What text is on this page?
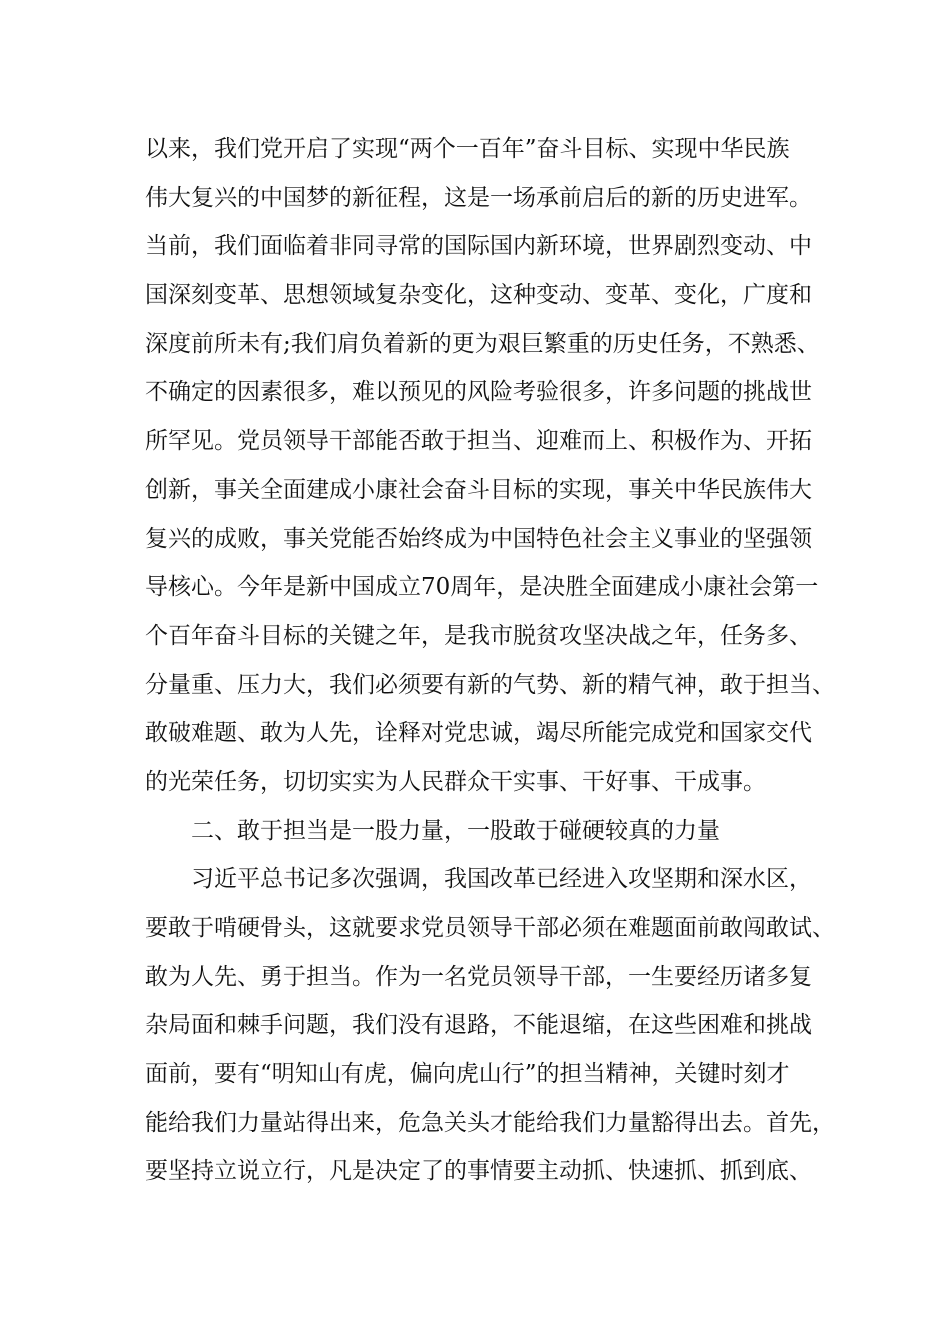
以来，我们党开启了实现“两个一百年”奋斗目标、实现中华民族
伟大复兴的中国梦的新征程，这是一场承前启后的新的历史进军。
当前，我们面临着非同寻常的国际国内新环境，世界剧烈变动、中
国深刻变革、思想领域复杂变化，这种变动、变革、变化，广度和
深度前所未有;我们肩负着新的更为艰巨繁重的历史任务，不熟悉、
不确定的因素很多，难以预见的风险考验很多，许多问题的挑战世
所罕见。党员领导干部能否敢于担当、迎难而上、积极作为、开拓
创新，事关全面建成小康社会奋斗目标的实现，事关中华民族伟大
复兴的成败，事关党能否始终成为中国特色社会主义事业的坚强领
导核心。今年是新中国成立70周年，是决胜全面建成小康社会第一
个百年奋斗目标的关键之年，是我市脱贫攻坚决战之年，任务多、
分量重、压力大，我们必须要有新的气势、新的精气神，敢于担当、
敢破难题、敢为人先，诠释对党忠诚，竭尽所能完成党和国家交代
的光荣任务，切切实实为人民群众干实事、干好事、干成事。
二、敢于担当是一股力量，一股敢于碰硬较真的力量
习近平总书记多次强调，我国改革已经进入攻坚期和深水区，
要敢于啃硬骨头，这就要求党员领导干部必须在难题面前敢闯敢试、
敢为人先、勇于担当。作为一名党员领导干部，一生要经历诸多复
杂局面和棘手问题，我们没有退路，不能退缩，在这些困难和挑战
面前，要有“明知山有虎，偏向虎山行”的担当精神，关键时刻才
能给我们力量站得出来，危急关头才能给我们力量豁得出去。首先，
要坚持立说立行，凡是决定了的事情要主动抓、快速抓、抓到底、
